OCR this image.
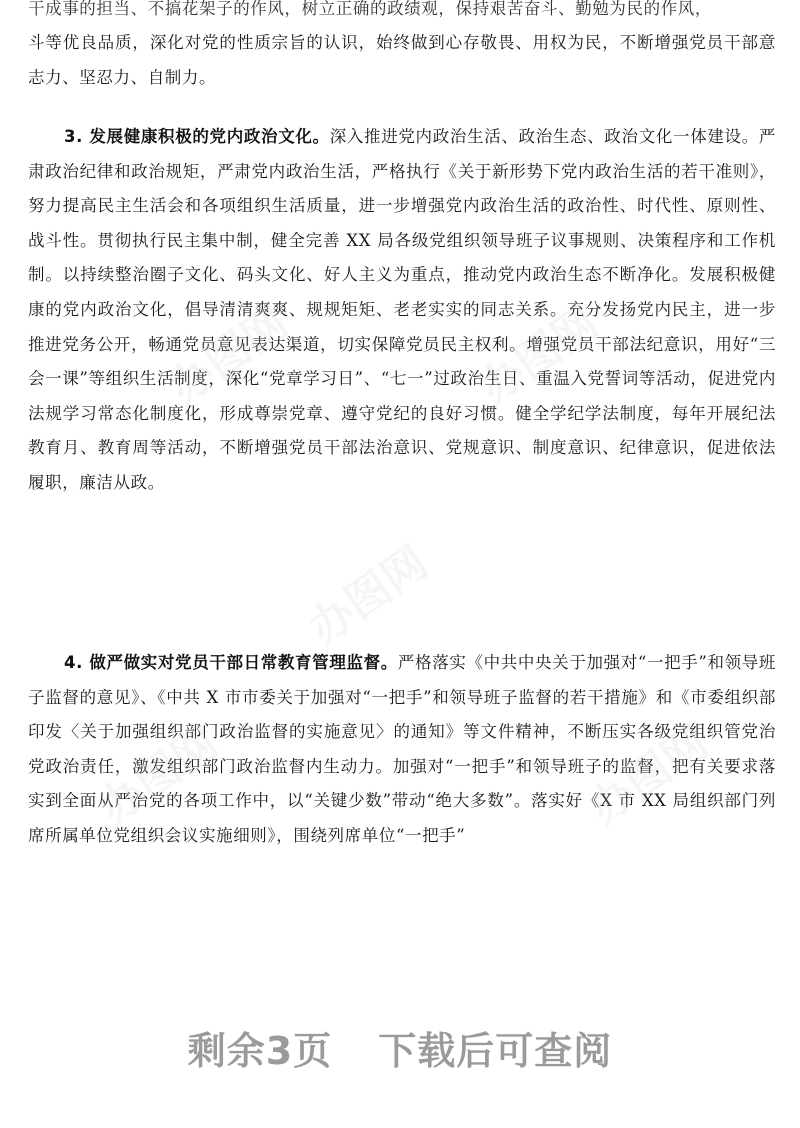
干成事的担当、不搞花架子的作风，树立正确的政绩观，保持艰苦奋斗、勤勉为民的作风，

斗等优良品质，深化对党的性质宗旨的认识，始终做到心存敬畏、用权为民，不断增强党员干部意志力、坚忍力、自制力。

3. 发展健康积极的党内政治文化。深入推进党内政治生活、政治生态、政治文化一体建设。严肃政治纪律和政治规矩，严肃党内政治生活，严格执行《关于新形势下党内政治生活的若干准则》，努力提高民主生活会和各项组织生活质量，进一步增强党内政治生活的政治性、时代性、原则性、战斗性。贯彻执行民主集中制，健全完善 XX 局各级党组织领导班子议事规则、决策程序和工作机制。以持续整治圈子文化、码头文化、好人主义为重点，推动党内政治生态不断净化。发展积极健康的党内政治文化，倡导清清爽爽、规规矩矩、老老实实的同志关系。充分发扬党内民主，进一步推进党务公开，畅通党员意见表达渠道，切实保障党员民主权利。增强党员干部法纪意识，用好“三会一课”等组织生活制度，深化“党章学习日”、“七一”过政治生日、重温入党誓词等活动，促进党内法规学习常态化制度化，形成尊崇党章、遵守党纪的良好习惯。健全学纪学法制度，每年开展纪法教育月、教育周等活动，不断增强党员干部法治意识、党规意识、制度意识、纪律意识，促进依法履职，廉洁从政。

4. 做严做实对党员干部日常教育管理监督。严格落实《中共中央关于加强对“一把手”和领导班子监督的意见》、《中共 X 市市委关于加强对“一把手”和领导班子监督的若干措施》和《市委组织部印发〈关于加强组织部门政治监督的实施意见〉的通知》等文件精神，不断压实各级党组织管党治党政治责任，激发组织部门政治监督内生动力。加强对“一把手”和领导班子的监督，把有关要求落实到全面从严治党的各项工作中，以“关键少数”带动“绝大多数”。落实好《X 市 XX 局组织部门列席所属单位党组织会议实施细则》，围绕列席单位“一把手”

办图网	办图网
办图网
办图网
办图网
剩余3页 下载后可查阅
